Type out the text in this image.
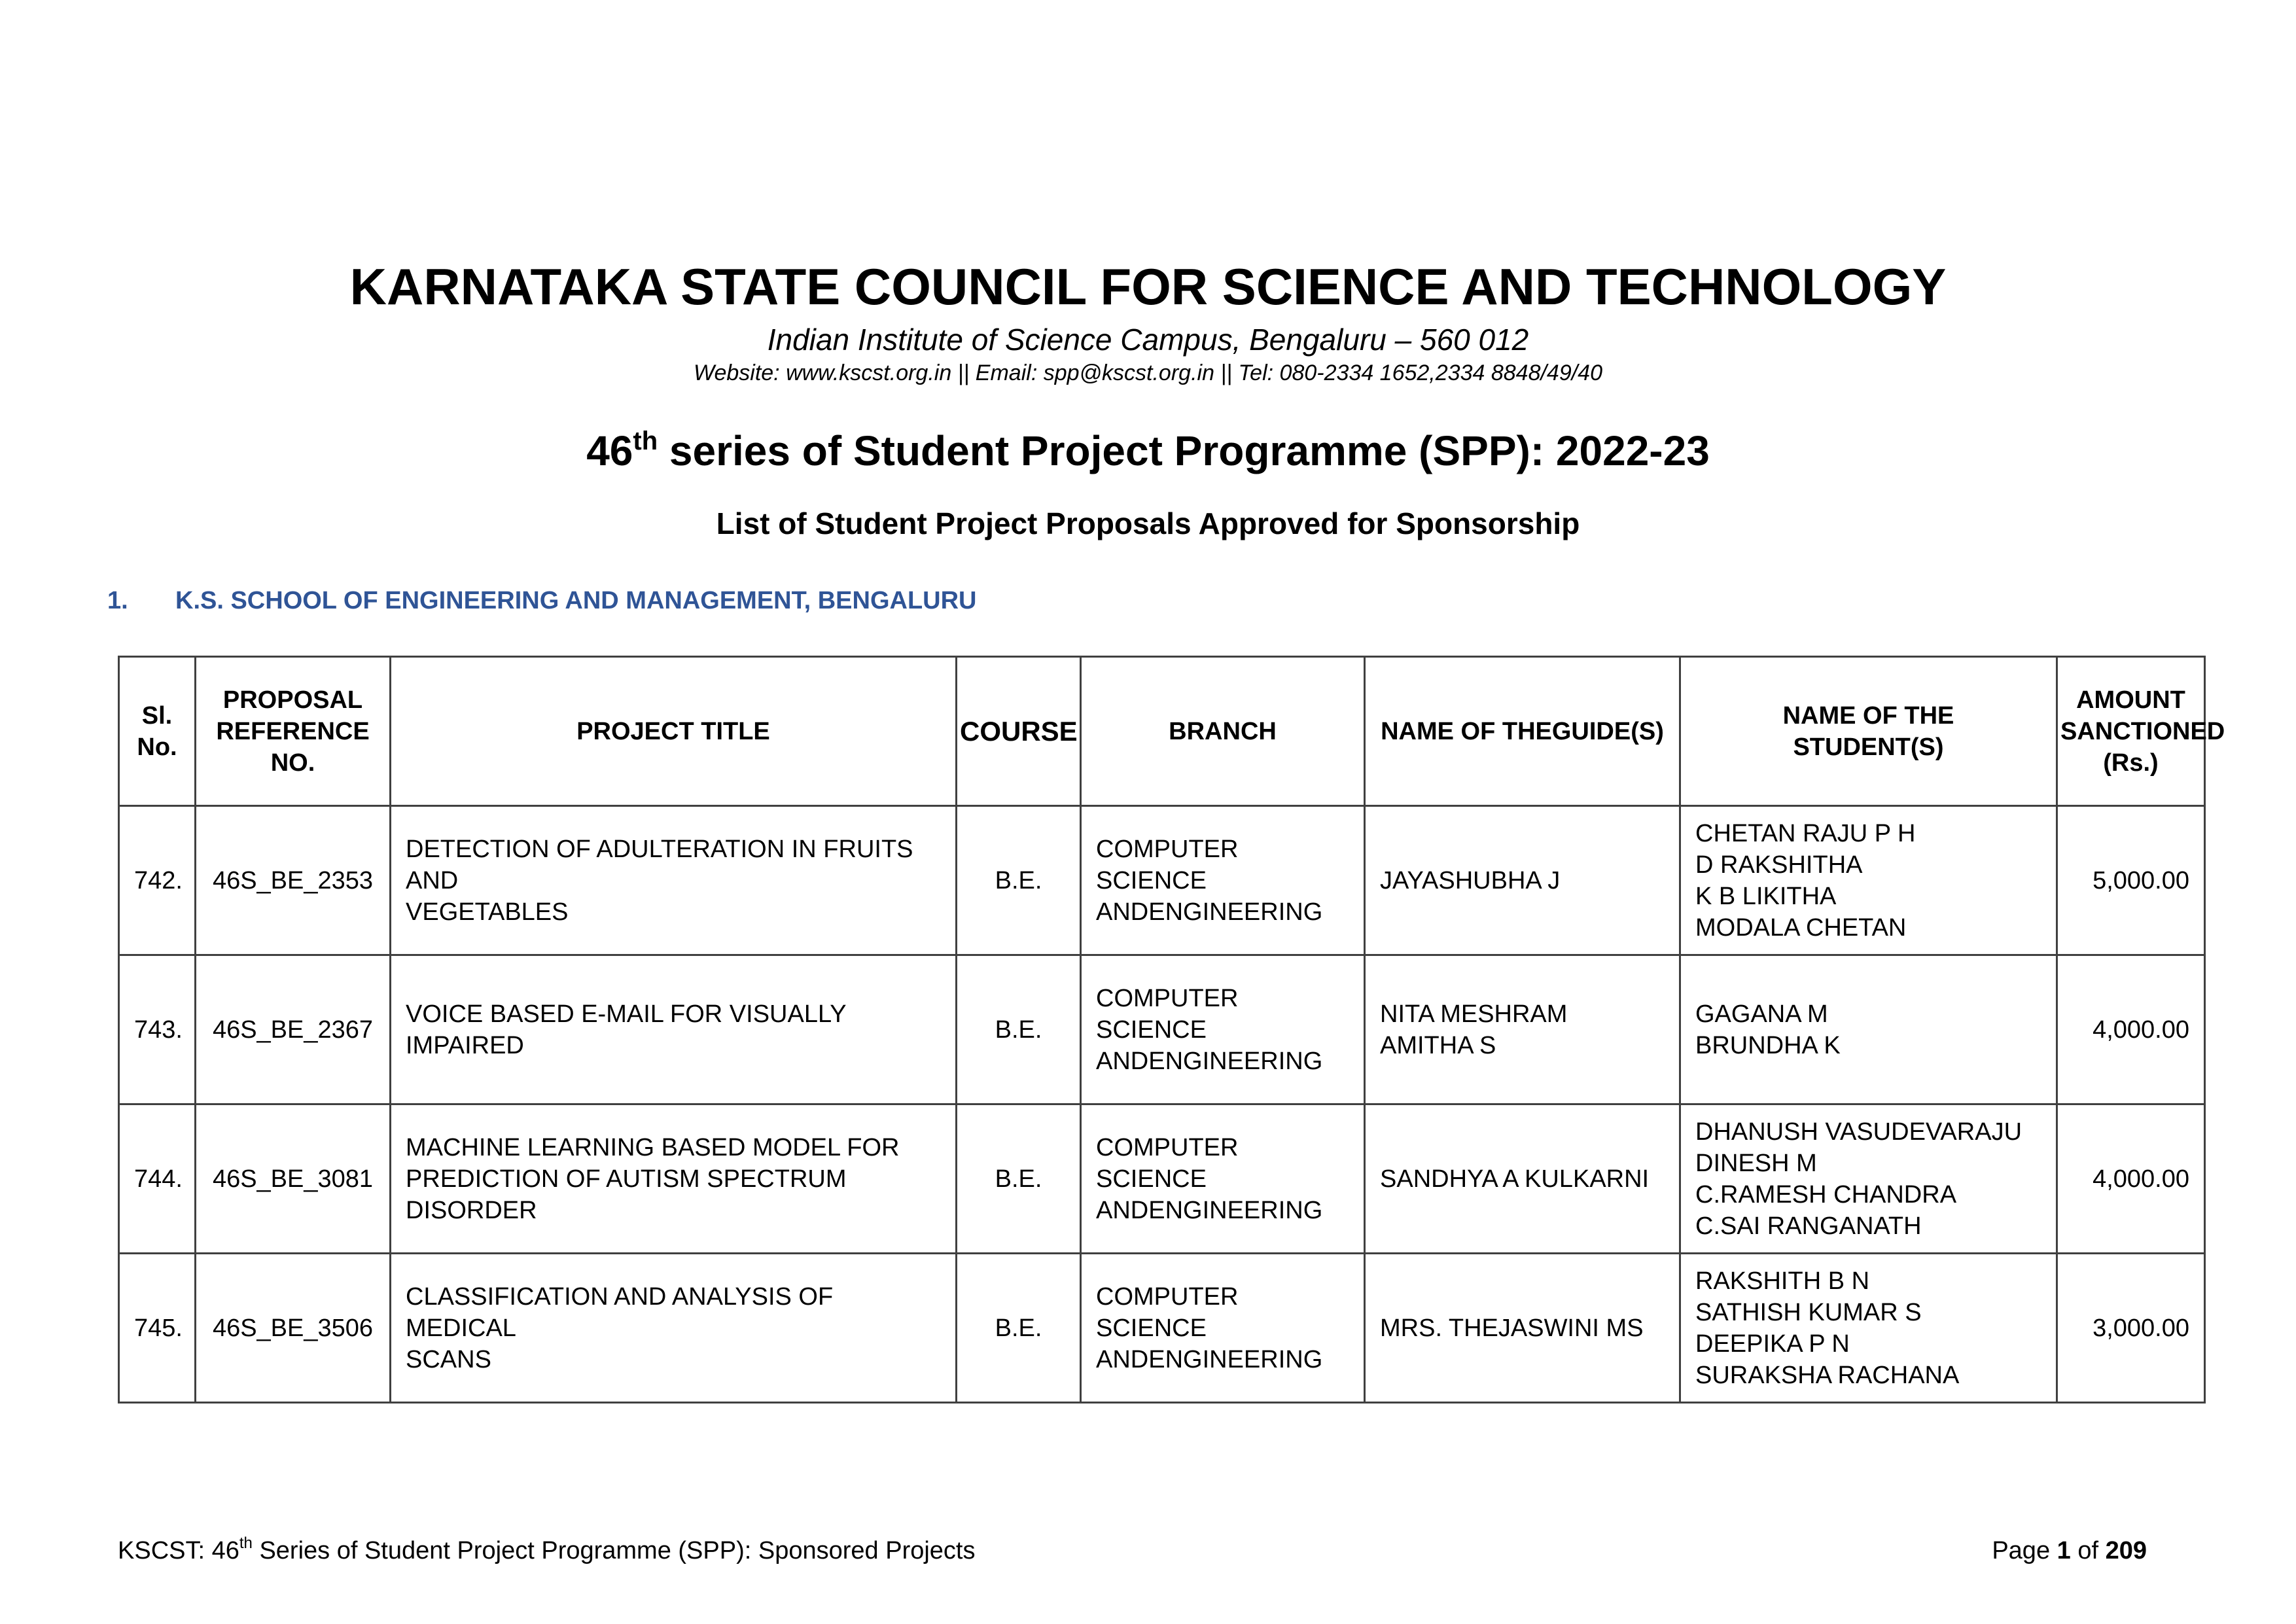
KARNATAKA STATE COUNCIL FOR SCIENCE AND TECHNOLOGY

Indian Institute of Science Campus, Bengaluru – 560 012

Website: www.kscst.org.in || Email: spp@kscst.org.in || Tel: 080-2334 1652,2334 8848/49/40

46th series of Student Project Programme (SPP): 2022-23

List of Student Project Proposals Approved for Sponsorship

1. K.S. SCHOOL OF ENGINEERING AND MANAGEMENT, BENGALURU
Sl.
No.	PROPOSAL
REFERENCE
NO.	PROJECT TITLE	COURSE	BRANCH	NAME OF THEGUIDE(S)	NAME OF THE
STUDENT(S)	AMOUNT
SANCTIONED
(Rs.)

742.	46S_BE_2353	DETECTION OF ADULTERATION IN FRUITS AND
VEGETABLES	B.E.	COMPUTER SCIENCE
ANDENGINEERING	JAYASHUBHA J	CHETAN RAJU P H
D RAKSHITHA
K B LIKITHA
MODALA CHETAN	5,000.00
743.	46S_BE_2367	VOICE BASED E-MAIL FOR VISUALLY IMPAIRED	B.E.	COMPUTER SCIENCE
ANDENGINEERING	NITA MESHRAM
AMITHA S	GAGANA M
BRUNDHA K	4,000.00
744.	46S_BE_3081	MACHINE LEARNING BASED MODEL FOR
PREDICTION OF AUTISM SPECTRUM DISORDER	B.E.	COMPUTER SCIENCE
ANDENGINEERING	SANDHYA A KULKARNI	DHANUSH VASUDEVARAJU
DINESH M
C.RAMESH CHANDRA
C.SAI RANGANATH	4,000.00
745.	46S_BE_3506	CLASSIFICATION AND ANALYSIS OF MEDICAL
SCANS	B.E.	COMPUTER SCIENCE
ANDENGINEERING	MRS. THEJASWINI MS	RAKSHITH B N
SATHISH KUMAR S
DEEPIKA P N
SURAKSHA RACHANA	3,000.00
KSCST: 46th Series of Student Project Programme (SPP): Sponsored Projects	Page 1 of 209
